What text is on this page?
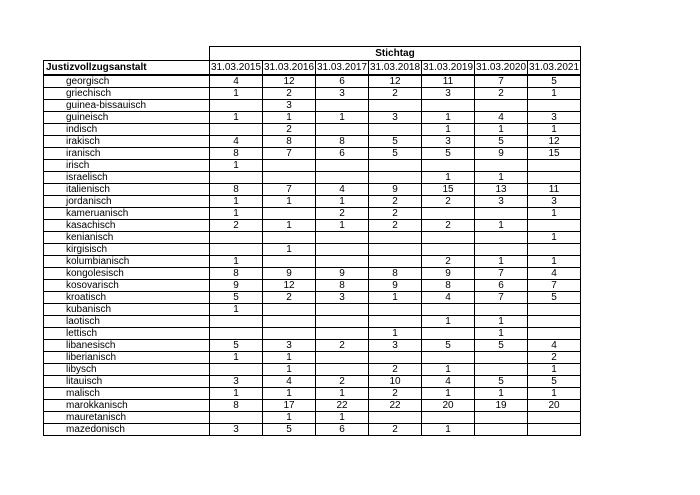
	Stichtag						
Justizvollzugsanstalt	31.03.2015	31.03.2016	31.03.2017	31.03.2018	31.03.2019	31.03.2020	31.03.2021
georgisch	4	12	6	12	11	7	5
griechisch	1	2	3	2	3	2	1
guinea-bissauisch		3					
guineisch	1	1	1	3	1	4	3
indisch		2			1	1	1
irakisch	4	8	8	5	3	5	12
iranisch	8	7	6	5	5	9	15
irisch	1						
israelisch					1	1	
italienisch	8	7	4	9	15	13	11
jordanisch	1	1	1	2	2	3	3
kameruanisch	1		2	2			1
kasachisch	2	1	1	2	2	1	
kenianisch							1
kirgisisch		1					
kolumbianisch	1				2	1	1
kongolesisch	8	9	9	8	9	7	4
kosovarisch	9	12	8	9	8	6	7
kroatisch	5	2	3	1	4	7	5
kubanisch	1						
laotisch					1	1	
lettisch				1		1	
libanesisch	5	3	2	3	5	5	4
liberianisch	1	1					2
libysch		1		2	1		1
litauisch	3	4	2	10	4	5	5
malisch	1	1	1	2	1	1	1
marokkanisch	8	17	22	22	20	19	20
mauretanisch		1	1				
mazedonisch	3	5	6	2	1		
